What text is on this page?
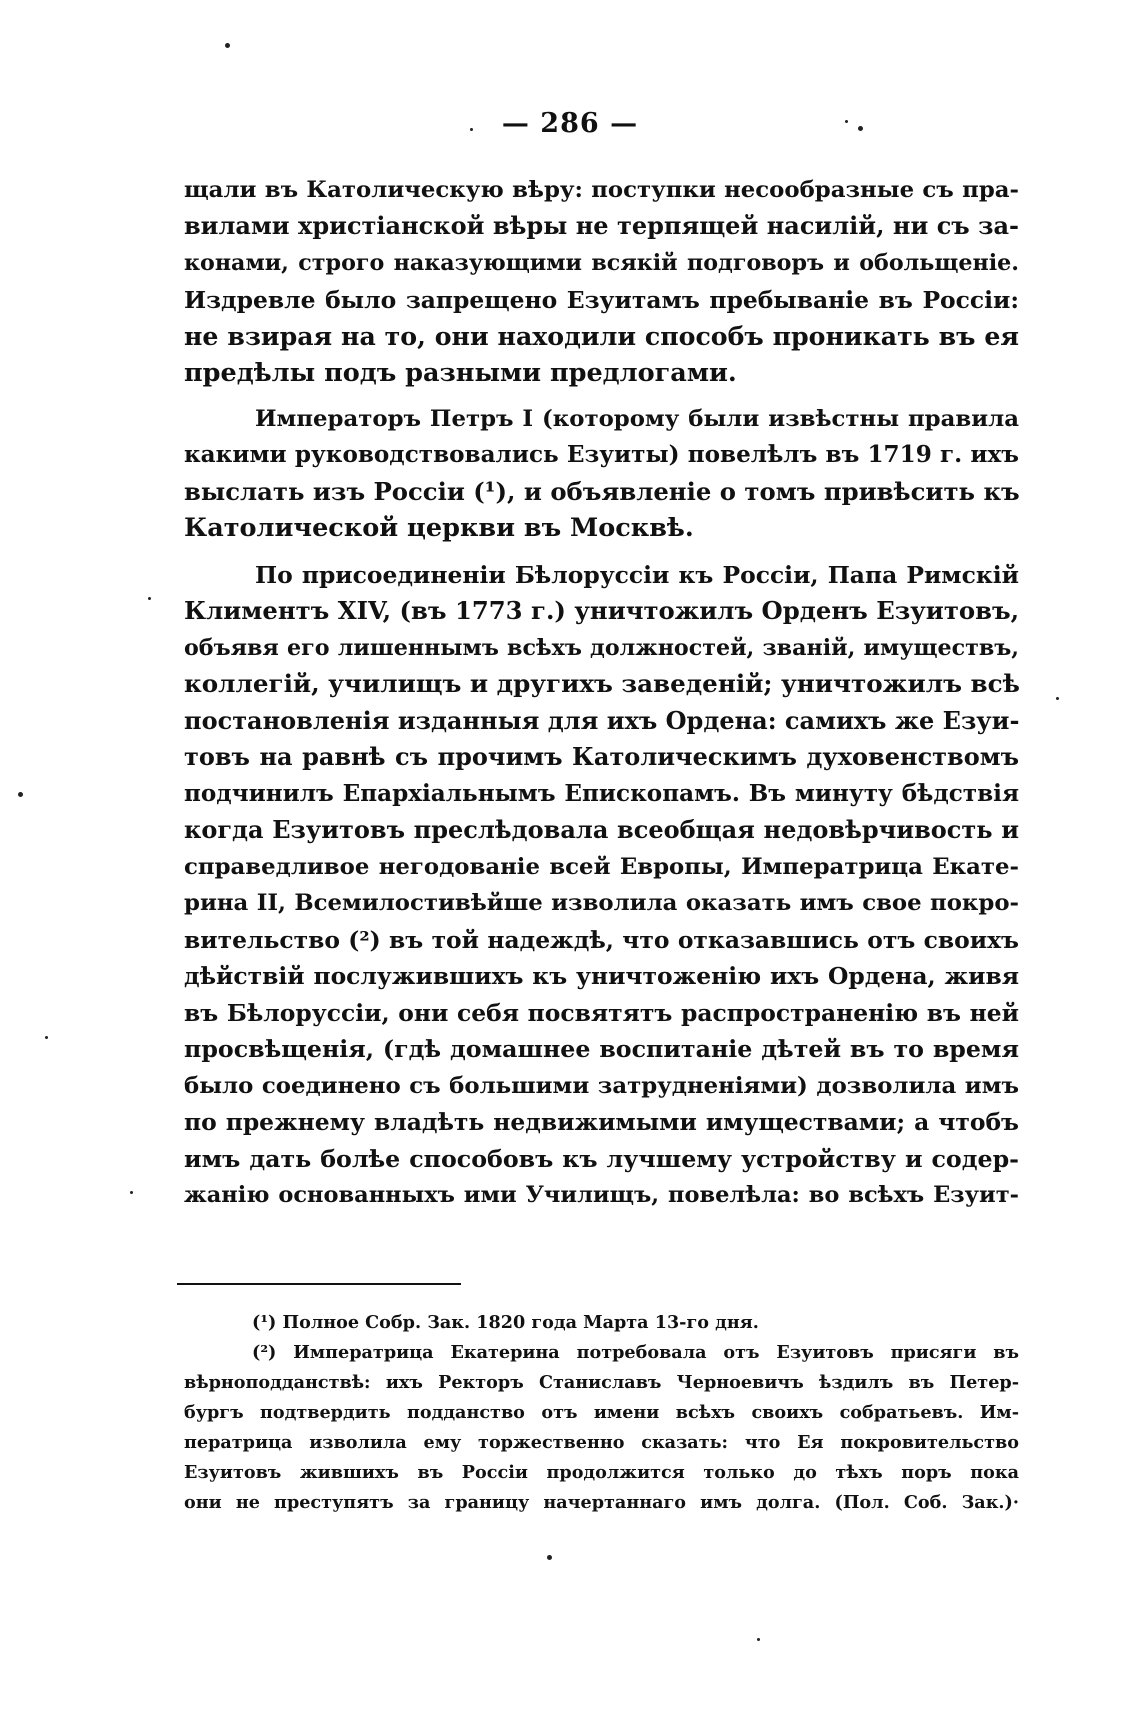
— 286 —
щали въ Католическую вѣру: поступки несообразные съ пра-
вилами христіанской вѣры не терпящей насилій, ни съ за-
конами, строго наказующими всякій подговоръ и обольщеніе.
Издревле было запрещено Езуитамъ пребываніе въ Россіи:
не взирая на то, они находили способъ проникать въ ея
предѣлы подъ разными предлогами.
Императоръ Петръ I (которому были извѣстны правила
какими руководствовались Езуиты) повелѣлъ въ 1719 г. ихъ
выслать изъ Россіи (¹), и объявленіе о томъ привѣсить къ
Католической церкви въ Москвѣ.
По присоединеніи Бѣлоруссіи къ Россіи, Папа Римскій
Климентъ XIV, (въ 1773 г.) уничтожилъ Орденъ Езуитовъ,
объявя его лишеннымъ всѣхъ должностей, званій, имуществъ,
коллегій, училищъ и другихъ заведеній; уничтожилъ всѣ
постановленія изданныя для ихъ Ордена: самихъ же Езуи-
товъ на равнѣ съ прочимъ Католическимъ духовенствомъ
подчинилъ Епархіальнымъ Епископамъ. Въ минуту бѣдствія
когда Езуитовъ преслѣдовала всеобщая недовѣрчивость и
справедливое негодованіе всей Европы, Императрица Екате-
рина II, Всемилостивѣйше изволила оказать имъ свое покро-
вительство (²) въ той надеждѣ, что отказавшись отъ своихъ
дѣйствій послужившихъ къ уничтоженію ихъ Ордена, живя
въ Бѣлоруссіи, они себя посвятятъ распространенію въ ней
просвѣщенія, (гдѣ домашнее воспитаніе дѣтей въ то время
было соединено съ большими затрудненіями) дозволила имъ
по прежнему владѣть недвижимыми имуществами; а чтобъ
имъ дать болѣе способовъ къ лучшему устройству и содер-
жанію основанныхъ ими Училищъ, повелѣла: во всѣхъ Езуит-
(¹) Полное Собр. Зак. 1820 года Марта 13-го дня.
(²) Императрица Екатерина потребовала отъ Езуитовъ присяги въ
вѣрноподданствѣ: ихъ Ректоръ Станиславъ Черноевичъ ѣздилъ въ Петер-
бургъ подтвердить подданство отъ имени всѣхъ своихъ собратьевъ. Им-
ператрица изволила ему торжественно сказать: что Ея покровительство
Езуитовъ жившихъ въ Россіи продолжится только до тѣхъ поръ пока
они не преступятъ за границу начертаннаго имъ долга. (Пол. Соб. Зак.)·
